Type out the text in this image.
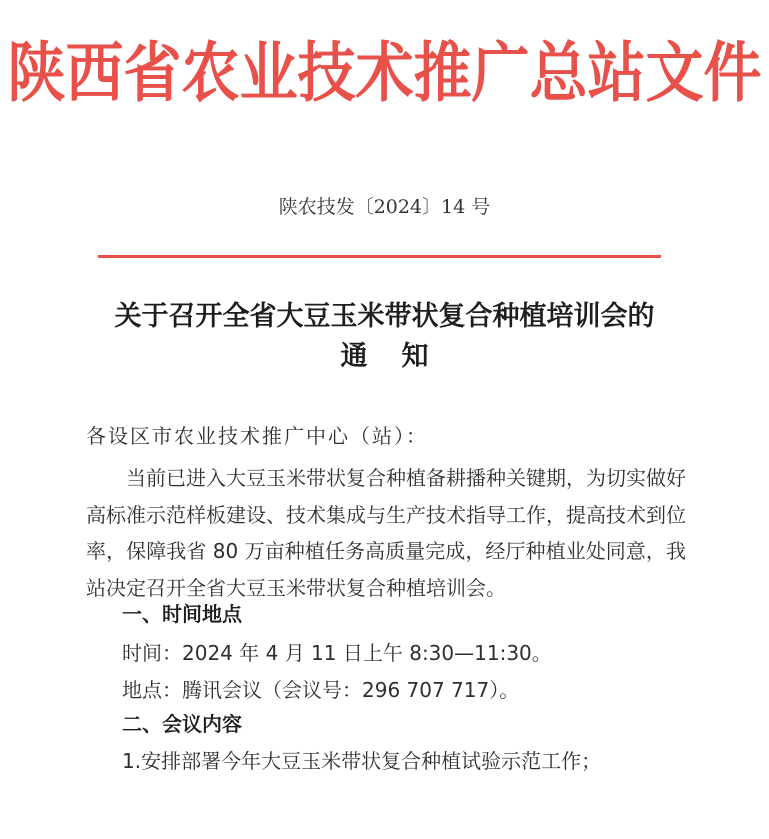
陕西省农业技术推广总站文件
陕农技发〔2024〕14 号
关于召开全省大豆玉米带状复合种植培训会的
通知
各设区市农业技术推广中心（站）：
当前已进入大豆玉米带状复合种植备耕播种关键期，为切实做好高标准示范样板建设、技术集成与生产技术指导工作，提高技术到位率，保障我省 80 万亩种植任务高质量完成，经厅种植业处同意，我站决定召开全省大豆玉米带状复合种植培训会。
一、时间地点
时间：2024 年 4 月 11 日上午 8:30—11:30。
地点：腾讯会议（会议号：296 707 717）。
二、会议内容
1.安排部署今年大豆玉米带状复合种植试验示范工作；
